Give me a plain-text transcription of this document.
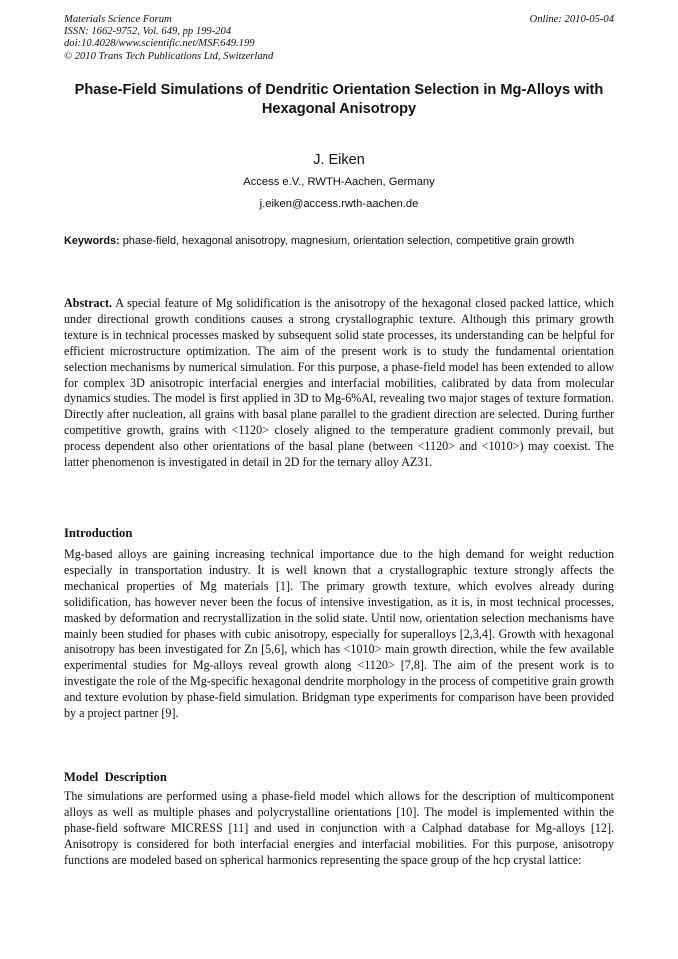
Materials Science Forum
ISSN: 1662-9752, Vol. 649, pp 199-204
doi:10.4028/www.scientific.net/MSF.649.199
© 2010 Trans Tech Publications Ltd, Switzerland
Online: 2010-05-04
Phase-Field Simulations of Dendritic Orientation Selection in Mg-Alloys with Hexagonal Anisotropy
J. Eiken
Access e.V., RWTH-Aachen, Germany
j.eiken@access.rwth-aachen.de
Keywords: phase-field, hexagonal anisotropy, magnesium, orientation selection, competitive grain growth
Abstract. A special feature of Mg solidification is the anisotropy of the hexagonal closed packed lattice, which under directional growth conditions causes a strong crystallographic texture. Although this primary growth texture is in technical processes masked by subsequent solid state processes, its understanding can be helpful for efficient microstructure optimization. The aim of the present work is to study the fundamental orientation selection mechanisms by numerical simulation. For this purpose, a phase-field model has been extended to allow for complex 3D anisotropic interfacial energies and interfacial mobilities, calibrated by data from molecular dynamics studies. The model is first applied in 3D to Mg-6%Al, revealing two major stages of texture formation. Directly after nucleation, all grains with basal plane parallel to the gradient direction are selected. During further competitive growth, grains with <1120> closely aligned to the temperature gradient commonly prevail, but process dependent also other orientations of the basal plane (between <1120> and <1010>) may coexist. The latter phenomenon is investigated in detail in 2D for the ternary alloy AZ31.
Introduction
Mg-based alloys are gaining increasing technical importance due to the high demand for weight reduction especially in transportation industry. It is well known that a crystallographic texture strongly affects the mechanical properties of Mg materials [1]. The primary growth texture, which evolves already during solidification, has however never been the focus of intensive investigation, as it is, in most technical processes, masked by deformation and recrystallization in the solid state. Until now, orientation selection mechanisms have mainly been studied for phases with cubic anisotropy, especially for superalloys [2,3,4]. Growth with hexagonal anisotropy has been investigated for Zn [5,6], which has <1010> main growth direction, while the few available experimental studies for Mg-alloys reveal growth along <1120> [7,8]. The aim of the present work is to investigate the role of the Mg-specific hexagonal dendrite morphology in the process of competitive grain growth and texture evolution by phase-field simulation. Bridgman type experiments for comparison have been provided by a project partner [9].
Model  Description
The simulations are performed using a phase-field model which allows for the description of multicomponent alloys as well as multiple phases and polycrystalline orientations [10]. The model is implemented within the phase-field software MICRESS [11] and used in conjunction with a Calphad database for Mg-alloys [12]. Anisotropy is considered for both interfacial energies and interfacial mobilities. For this purpose, anisotropy functions are modeled based on spherical harmonics representing the space group of the hcp crystal lattice:
